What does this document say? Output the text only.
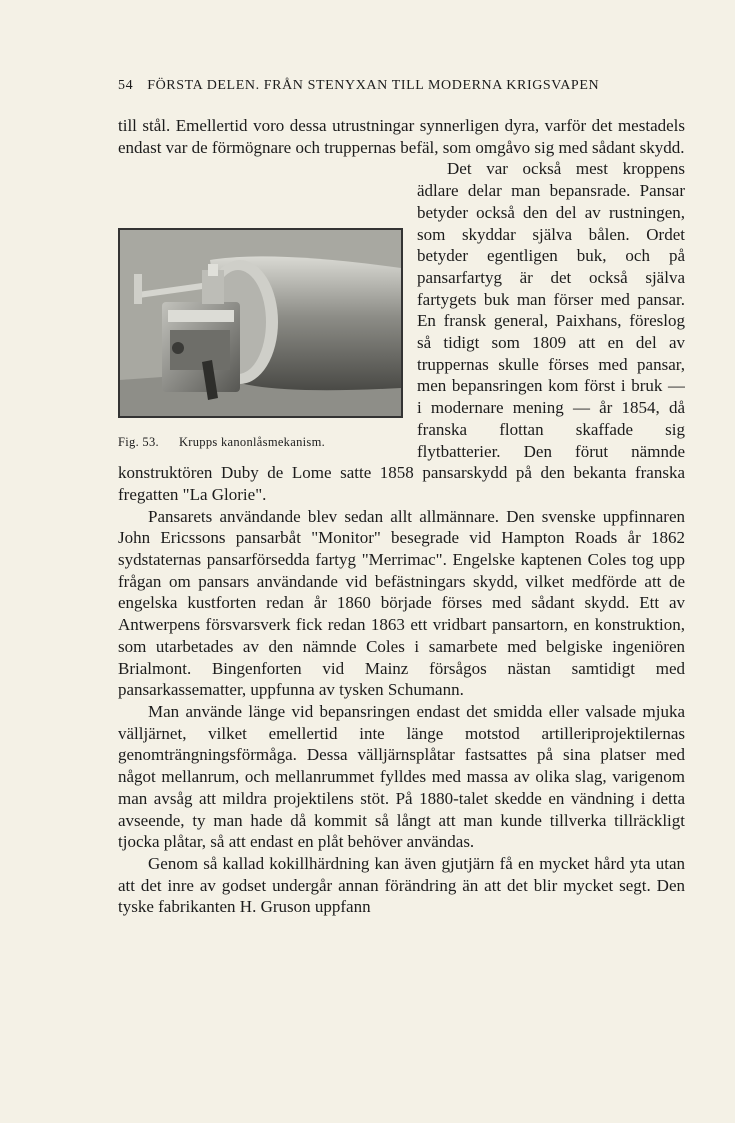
54 FÖRSTA DELEN. FRÅN STENYXAN TILL MODERNA KRIGSVAPEN

till stål. Emellertid voro dessa utrustningar synnerligen dyra, varför det mestadels endast var de förmögnare och truppernas befäl, som omgåvo sig med sådant skydd.

Fig. 53. Krupps kanonlåsmekanism.

Det var också mest kroppens ädlare delar man bepansrade. Pansar betyder också den del av rustningen, som skyddar själva bålen. Ordet betyder egentligen buk, och på pansarfartyg är det också själva fartygets buk man förser med pansar. En fransk general, Paixhans, föreslog så tidigt som 1809 att en del av truppernas skulle förses med pansar, men bepansringen kom först i bruk — i modernare mening — år 1854, då franska flottan skaffade sig flytbatterier. Den förut nämnde konstruktören Duby de Lome satte 1858 pansarskydd på den bekanta franska fregatten "La Glorie".

Pansarets användande blev sedan allt allmännare. Den svenske uppfinnaren John Ericssons pansarbåt "Monitor" besegrade vid Hampton Roads år 1862 sydstaternas pansarförsedda fartyg "Merrimac". Engelske kaptenen Coles tog upp frågan om pansars användande vid befästningars skydd, vilket medförde att de engelska kustforten redan år 1860 började förses med sådant skydd. Ett av Antwerpens försvarsverk fick redan 1863 ett vridbart pansartorn, en konstruktion, som utarbetades av den nämnde Coles i samarbete med belgiske ingeniören Brialmont. Bingenforten vid Mainz försågos nästan samtidigt med pansarkassematter, uppfunna av tysken Schumann.

Man använde länge vid bepansringen endast det smidda eller valsade mjuka välljärnet, vilket emellertid inte länge motstod artilleriprojektilernas genomträngningsförmåga. Dessa välljärnsplåtar fastsattes på sina platser med något mellanrum, och mellanrummet fylldes med massa av olika slag, varigenom man avsåg att mildra projektilens stöt. På 1880-talet skedde en vändning i detta avseende, ty man hade då kommit så långt att man kunde tillverka tillräckligt tjocka plåtar, så att endast en plåt behöver användas.

Genom så kallad kokillhärdning kan även gjutjärn få en mycket hård yta utan att det inre av godset undergår annan förändring än att det blir mycket segt. Den tyske fabrikanten H. Gruson uppfann
